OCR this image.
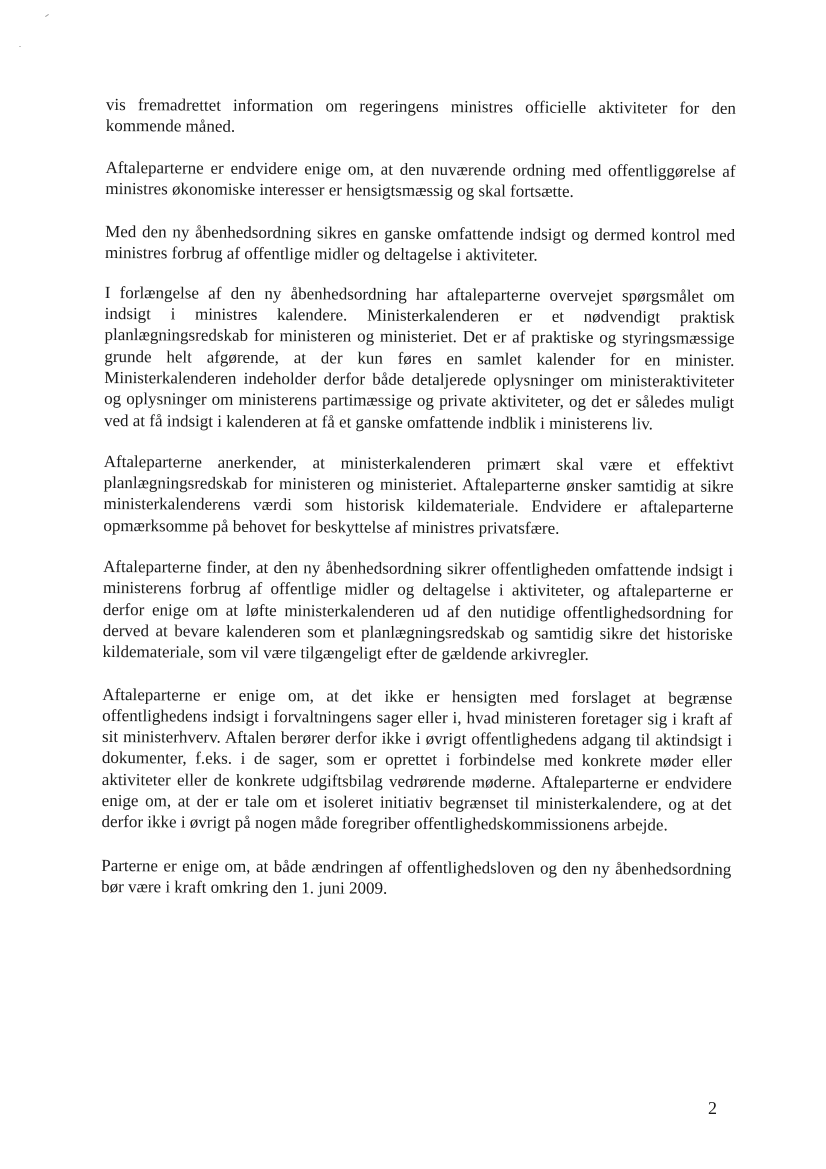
vis fremadrettet information om regeringens ministres officielle aktiviteter for den kommende måned.

Aftaleparterne er endvidere enige om, at den nuværende ordning med offentliggørelse af ministres økonomiske interesser er hensigtsmæssig og skal fortsætte.

Med den ny åbenhedsordning sikres en ganske omfattende indsigt og dermed kontrol med ministres forbrug af offentlige midler og deltagelse i aktiviteter.

I forlængelse af den ny åbenhedsordning har aftaleparterne overvejet spørgsmålet om indsigt i ministres kalendere. Ministerkalenderen er et nødvendigt praktisk planlægningsredskab for ministeren og ministeriet. Det er af praktiske og styringsmæssige grunde helt afgørende, at der kun føres en samlet kalender for en minister. Ministerkalenderen indeholder derfor både detaljerede oplysninger om ministeraktiviteter og oplysninger om ministerens partimæssige og private aktiviteter, og det er således muligt ved at få indsigt i kalenderen at få et ganske omfattende indblik i ministerens liv.

Aftaleparterne anerkender, at ministerkalenderen primært skal være et effektivt planlægningsredskab for ministeren og ministeriet. Aftaleparterne ønsker samtidig at sikre ministerkalenderens værdi som historisk kildemateriale. Endvidere er aftaleparterne opmærksomme på behovet for beskyttelse af ministres privatsfære.

Aftaleparterne finder, at den ny åbenhedsordning sikrer offentligheden omfattende indsigt i ministerens forbrug af offentlige midler og deltagelse i aktiviteter, og aftaleparterne er derfor enige om at løfte ministerkalenderen ud af den nutidige offentlighedsordning for derved at bevare kalenderen som et planlægningsredskab og samtidig sikre det historiske kildemateriale, som vil være tilgængeligt efter de gældende arkivregler.

Aftaleparterne er enige om, at det ikke er hensigten med forslaget at begrænse offentlighedens indsigt i forvaltningens sager eller i, hvad ministeren foretager sig i kraft af sit ministerhverv. Aftalen berører derfor ikke i øvrigt offentlighedens adgang til aktindsigt i dokumenter, f.eks. i de sager, som er oprettet i forbindelse med konkrete møder eller aktiviteter eller de konkrete udgiftsbilag vedrørende møderne. Aftaleparterne er endvidere enige om, at der er tale om et isoleret initiativ begrænset til ministerkalendere, og at det derfor ikke i øvrigt på nogen måde foregriber offentlighedskommissionens arbejde.

Parterne er enige om, at både ændringen af offentlighedsloven og den ny åbenhedsordning bør være i kraft omkring den 1. juni 2009.

2
